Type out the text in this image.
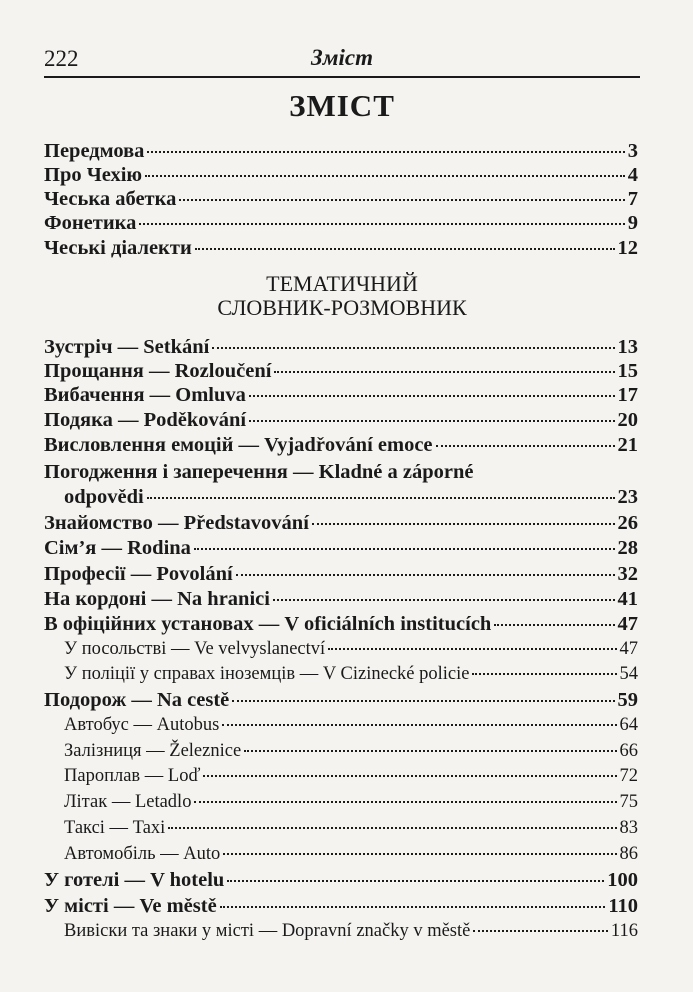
222	Зміст
ЗМІСТ
Передмова	3
Про Чехію	4
Чеська абетка	7
Фонетика	9
Чеські діалекти	12
ТЕМАТИЧНИЙ
СЛОВНИК-РОЗМОВНИК
Зустріч — Setkání	13
Прощання — Rozloučení	15
Вибачення — Omluva	17
Подяка — Poděkování	20
Висловлення емоцій — Vyjadřování emoce	21
Погодження і заперечення — Kladné a záporné
odpovědi	23
Знайомство — Představování	26
Сім’я — Rodina	28
Професії — Povolání	32
На кордоні — Na hranici	41
В офіційних установах — V oficiálních institucích	47
У посольстві — Ve velvyslanectví	47
У поліції у справах іноземців — V Cizinecké policie	54
Подорож — Na cestě	59
Автобус — Autobus	64
Залізниця — Železnice	66
Пароплав — Loď	72
Літак — Letadlo	75
Таксі — Taxi	83
Автомобіль — Auto	86
У готелі — V hotelu	100
У місті — Ve městě	110
Вивіски та знаки у місті — Dopravní značky v městě	116
